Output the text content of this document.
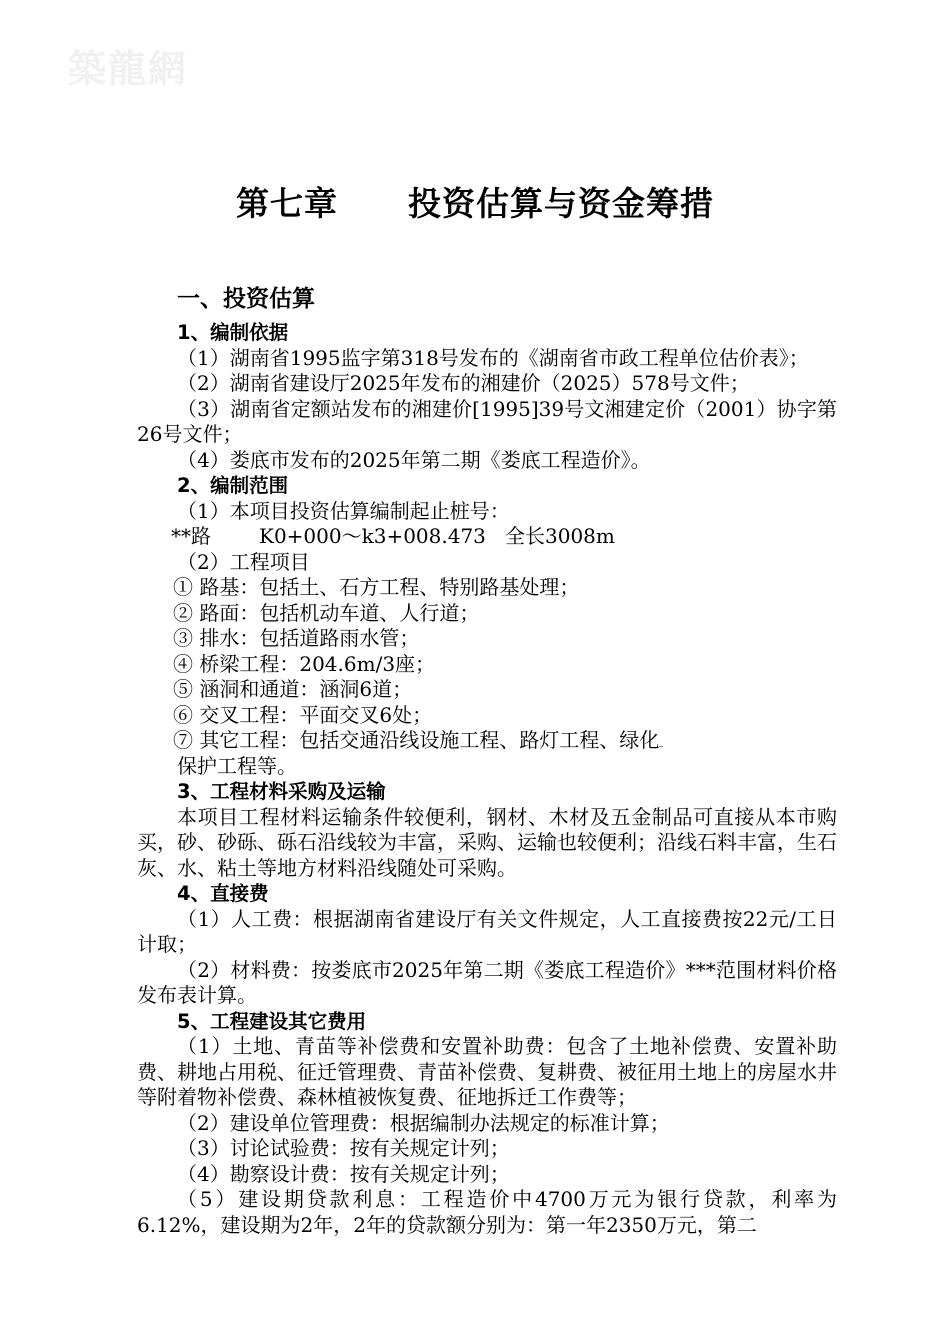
築龍網
第七章 投资估算与资金筹措
一、投资估算
1、编制依据
（1）湖南省1995监字第318号发布的《湖南省市政工程单位估价表》；
（2）湖南省建设厅2025年发布的湘建价（2025）578号文件；
（3）湖南省定额站发布的湘建价[1995]39号文湘建定价（2001）协字第26号文件；
（4）娄底市发布的2025年第二期《娄底工程造价》。
2、编制范围
（1）本项目投资估算编制起止桩号：
**路 K0+000～k3+008.473 全长3008m
（2）工程项目
① 路基：包括土、石方工程、特别路基处理；
② 路面：包括机动车道、人行道；
③ 排水：包括道路雨水管；
④ 桥梁工程：204.6m/3座；
⑤ 涵洞和通道：涵洞6道；
⑥ 交叉工程：平面交叉6处；
⑦ 其它工程：包括交通沿线设施工程、路灯工程、绿化
保护工程等。
3、工程材料采购及运输
本项目工程材料运输条件较便利，钢材、木材及五金制品可直接从本市购买，砂、砂砾、砾石沿线较为丰富，采购、运输也较便利；沿线石料丰富，生石灰、水、粘土等地方材料沿线随处可采购。
4、直接费
（1）人工费：根据湖南省建设厅有关文件规定，人工直接费按22元/工日计取；
（2）材料费：按娄底市2025年第二期《娄底工程造价》***范围材料价格发布表计算。
5、工程建设其它费用
（1）土地、青苗等补偿费和安置补助费：包含了土地补偿费、安置补助费、耕地占用税、征迁管理费、青苗补偿费、复耕费、被征用土地上的房屋水井等附着物补偿费、森林植被恢复费、征地拆迁工作费等；
（2）建设单位管理费：根据编制办法规定的标准计算；
（3）讨论试验费：按有关规定计列；
（4）勘察设计费：按有关规定计列；
（5）建设期贷款利息：工程造价中4700万元为银行贷款，利率为6.12%，建设期为2年，2年的贷款额分别为：第一年2350万元，第二
